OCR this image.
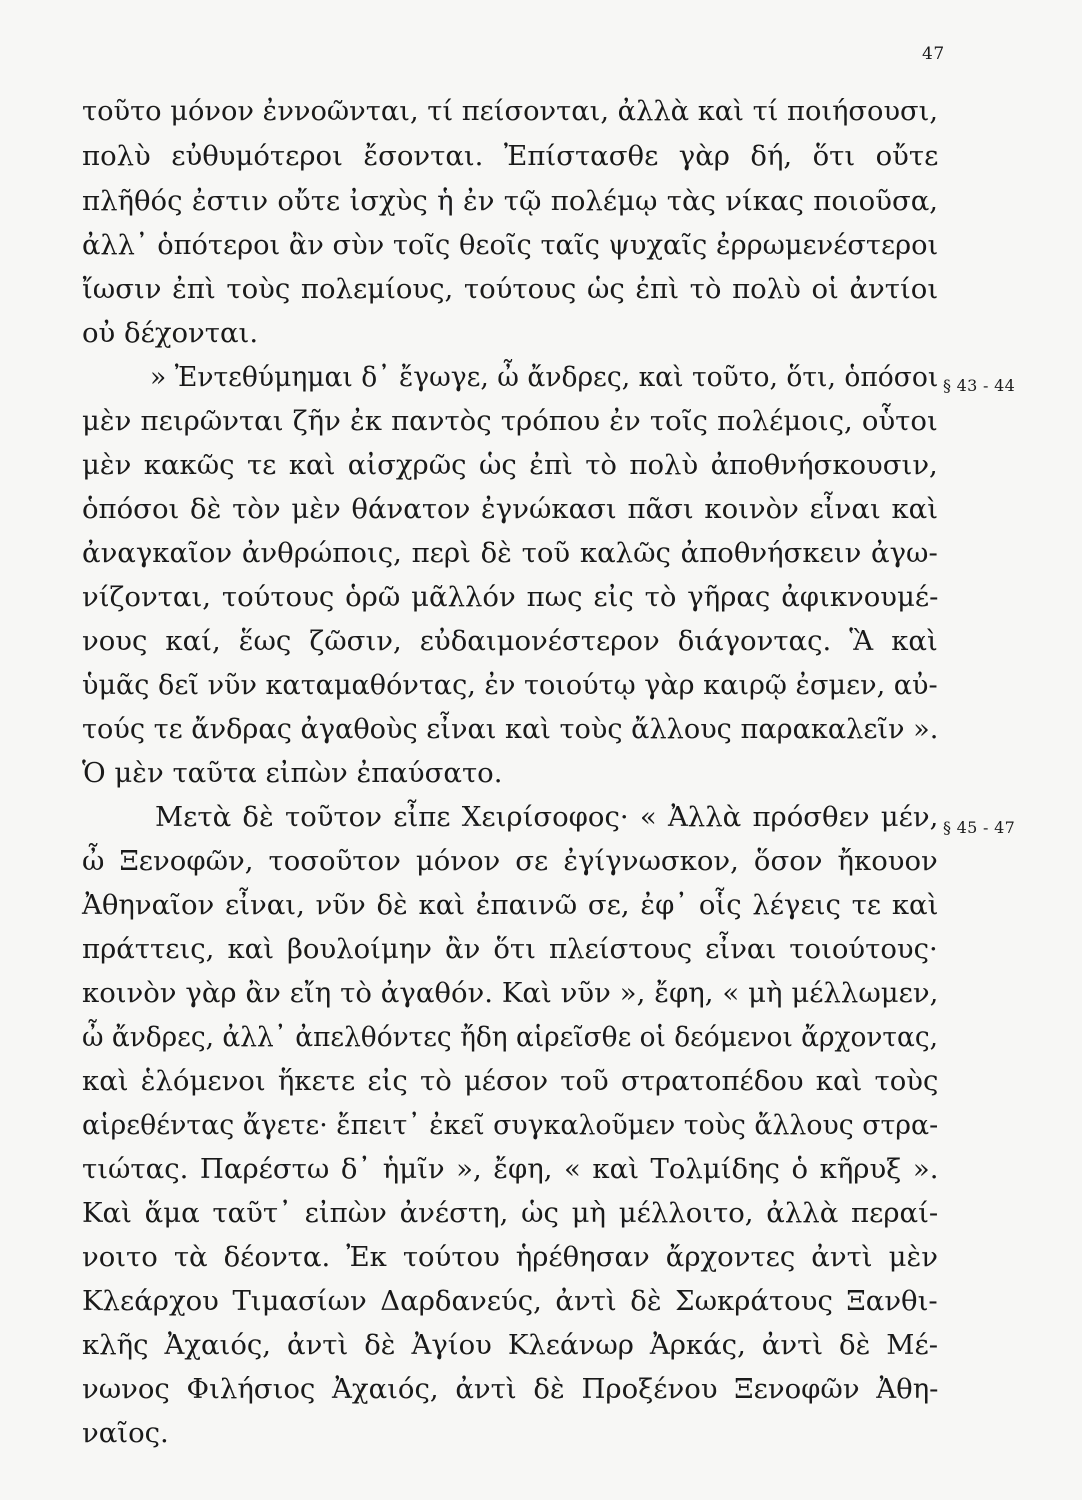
47
τοῦτο μόνον ἐννοῶνται, τί πείσονται, ἀλλὰ καὶ τί ποιήσουσι,
πολὺ εὐθυμότεροι ἔσονται. Ἐπίστασθε γὰρ δή, ὅτι οὔτε
πλῆθός ἐστιν οὔτε ἰσχὺς ἡ ἐν τῷ πολέμῳ τὰς νίκας ποιοῦσα,
ἀλλ᾽ ὁπότεροι ἂν σὺν τοῖς θεοῖς ταῖς ψυχαῖς ἐρρωμενέστεροι
ἴωσιν ἐπὶ τοὺς πολεμίους, τούτους ὡς ἐπὶ τὸ πολὺ οἱ ἀντίοι
οὐ δέχονται.
» Ἐντεθύμημαι δ᾽ ἔγωγε, ὦ ἄνδρες, καὶ τοῦτο, ὅτι, ὁπόσοι
μὲν πειρῶνται ζῆν ἐκ παντὸς τρόπου ἐν τοῖς πολέμοις, οὗτοι
μὲν κακῶς τε καὶ αἰσχρῶς ὡς ἐπὶ τὸ πολὺ ἀποθνήσκουσιν,
ὁπόσοι δὲ τὸν μὲν θάνατον ἐγνώκασι πᾶσι κοινὸν εἶναι καὶ
ἀναγκαῖον ἀνθρώποις, περὶ δὲ τοῦ καλῶς ἀποθνήσκειν ἀγω-
νίζονται, τούτους ὁρῶ μᾶλλόν πως εἰς τὸ γῆρας ἀφικνουμέ-
νους καί, ἕως ζῶσιν, εὐδαιμονέστερον διάγοντας. Ἃ καὶ
ὑμᾶς δεῖ νῦν καταμαθόντας, ἐν τοιούτῳ γὰρ καιρῷ ἐσμεν, αὐ-
τούς τε ἄνδρας ἀγαθοὺς εἶναι καὶ τοὺς ἄλλους παρακαλεῖν ».
Ὁ μὲν ταῦτα εἰπὼν ἐπαύσατο.
Μετὰ δὲ τοῦτον εἶπε Χειρίσοφος· « Ἀλλὰ πρόσθεν μέν,
ὦ Ξενοφῶν, τοσοῦτον μόνον σε ἐγίγνωσκον, ὅσον ἤκουον
Ἀθηναῖον εἶναι, νῦν δὲ καὶ ἐπαινῶ σε, ἐφ᾽ οἷς λέγεις τε καὶ
πράττεις, καὶ βουλοίμην ἂν ὅτι πλείστους εἶναι τοιούτους·
κοινὸν γὰρ ἂν εἴη τὸ ἀγαθόν. Καὶ νῦν », ἔφη, « μὴ μέλλωμεν,
ὦ ἄνδρες, ἀλλ᾽ ἀπελθόντες ἤδη αἱρεῖσθε οἱ δεόμενοι ἄρχοντας,
καὶ ἑλόμενοι ἥκετε εἰς τὸ μέσον τοῦ στρατοπέδου καὶ τοὺς
αἱρεθέντας ἄγετε· ἔπειτ᾽ ἐκεῖ συγκαλοῦμεν τοὺς ἄλλους στρα-
τιώτας. Παρέστω δ᾽ ἡμῖν », ἔφη, « καὶ Τολμίδης ὁ κῆρυξ ».
Καὶ ἅμα ταῦτ᾽ εἰπὼν ἀνέστη, ὡς μὴ μέλλοιτο, ἀλλὰ περαί-
νοιτο τὰ δέοντα. Ἐκ τούτου ἡρέθησαν ἄρχοντες ἀντὶ μὲν
Κλεάρχου Τιμασίων Δαρδανεύς, ἀντὶ δὲ Σωκράτους Ξανθι-
κλῆς Ἀχαιός, ἀντὶ δὲ Ἀγίου Κλεάνωρ Ἀρκάς, ἀντὶ δὲ Μέ-
νωνος Φιλήσιος Ἀχαιός, ἀντὶ δὲ Προξένου Ξενοφῶν Ἀθη-
ναῖος.
§ 43 - 44
§ 45 - 47
